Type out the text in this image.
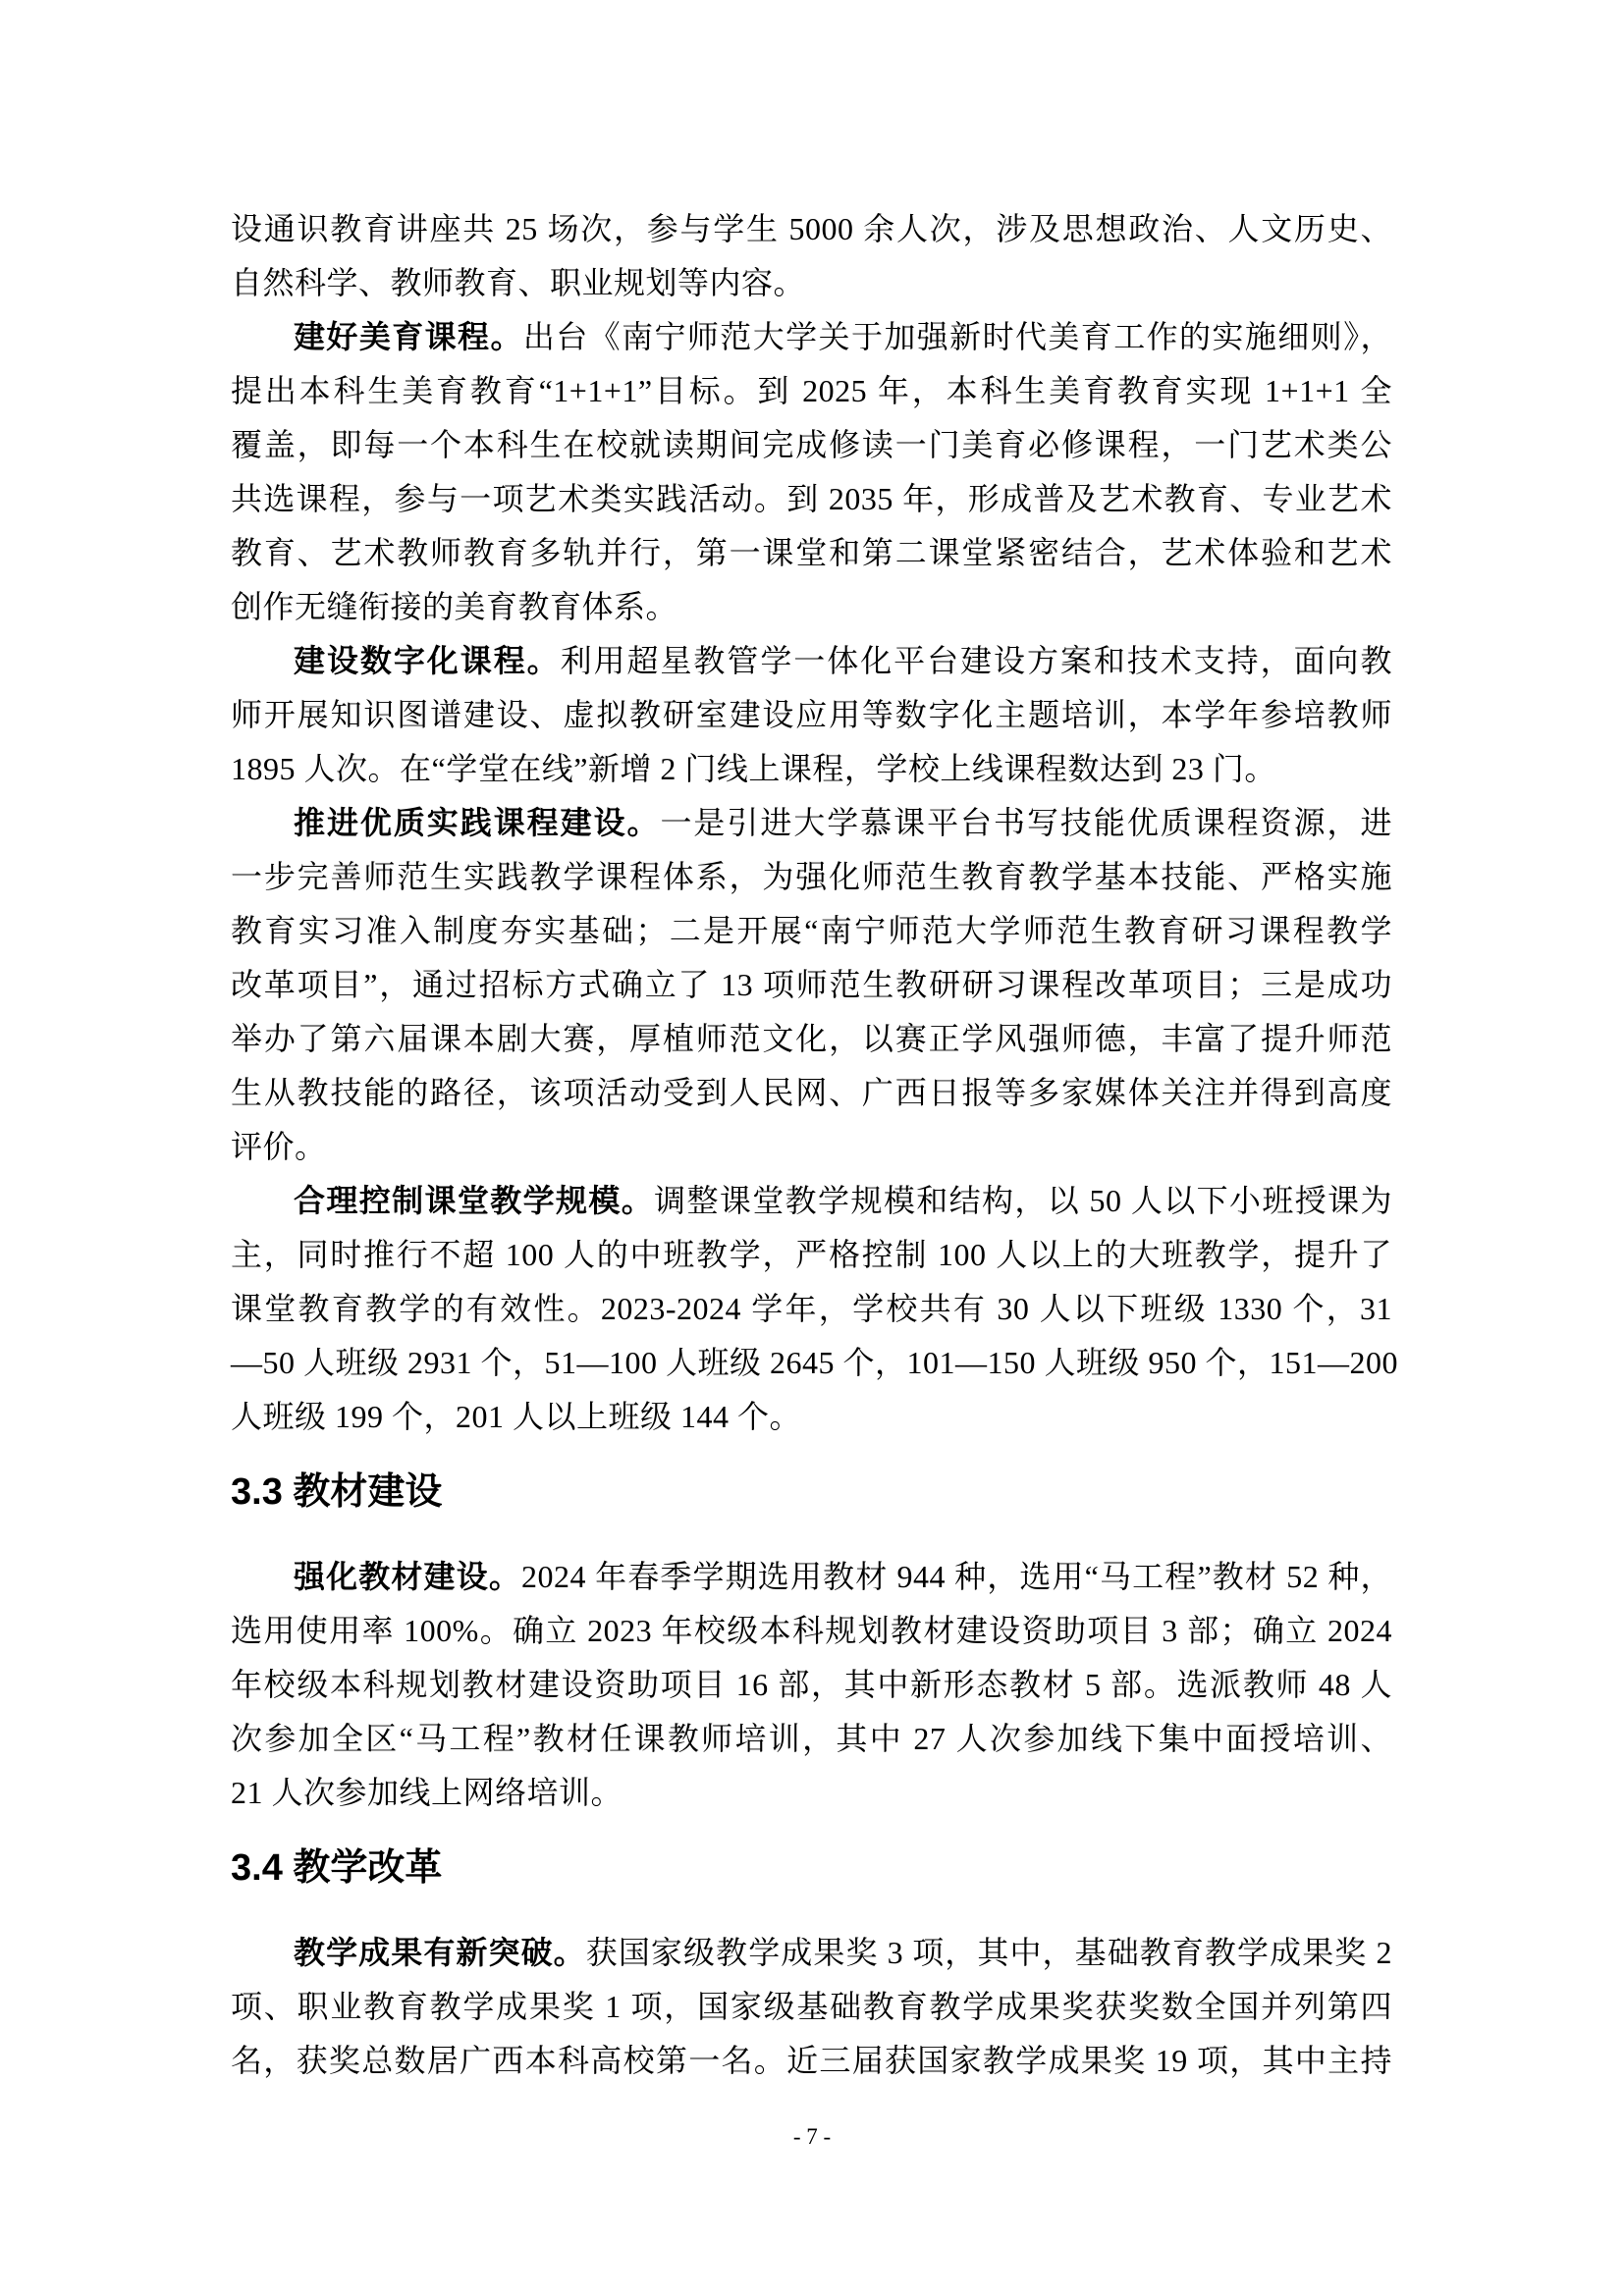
设通识教育讲座共 25 场次，参与学生 5000 余人次，涉及思想政治、人文历史、
自然科学、教师教育、职业规划等内容。
建好美育课程。出台《南宁师范大学关于加强新时代美育工作的实施细则》，
提出本科生美育教育“1+1+1”目标。到 2025 年，本科生美育教育实现 1+1+1 全
覆盖，即每一个本科生在校就读期间完成修读一门美育必修课程，一门艺术类公
共选课程，参与一项艺术类实践活动。到 2035 年，形成普及艺术教育、专业艺术
教育、艺术教师教育多轨并行，第一课堂和第二课堂紧密结合，艺术体验和艺术
创作无缝衔接的美育教育体系。
建设数字化课程。利用超星教管学一体化平台建设方案和技术支持，面向教
师开展知识图谱建设、虚拟教研室建设应用等数字化主题培训，本学年参培教师
1895 人次。在“学堂在线”新增 2 门线上课程，学校上线课程数达到 23 门。
推进优质实践课程建设。一是引进大学慕课平台书写技能优质课程资源，进
一步完善师范生实践教学课程体系，为强化师范生教育教学基本技能、严格实施
教育实习准入制度夯实基础；二是开展“南宁师范大学师范生教育研习课程教学
改革项目”，通过招标方式确立了 13 项师范生教研研习课程改革项目；三是成功
举办了第六届课本剧大赛，厚植师范文化，以赛正学风强师德，丰富了提升师范
生从教技能的路径，该项活动受到人民网、广西日报等多家媒体关注并得到高度
评价。
合理控制课堂教学规模。调整课堂教学规模和结构，以 50 人以下小班授课为
主，同时推行不超 100 人的中班教学，严格控制 100 人以上的大班教学，提升了
课堂教育教学的有效性。2023-2024 学年，学校共有 30 人以下班级 1330 个，31
—50 人班级 2931 个，51—100 人班级 2645 个，101—150 人班级 950 个，151—200
人班级 199 个，201 人以上班级 144 个。
3.3 教材建设
强化教材建设。2024 年春季学期选用教材 944 种，选用“马工程”教材 52 种，
选用使用率 100%。确立 2023 年校级本科规划教材建设资助项目 3 部；确立 2024
年校级本科规划教材建设资助项目 16 部，其中新形态教材 5 部。选派教师 48 人
次参加全区“马工程”教材任课教师培训，其中 27 人次参加线下集中面授培训、
21 人次参加线上网络培训。
3.4 教学改革
教学成果有新突破。获国家级教学成果奖 3 项，其中，基础教育教学成果奖 2
项、职业教育教学成果奖 1 项，国家级基础教育教学成果奖获奖数全国并列第四
名，获奖总数居广西本科高校第一名。近三届获国家教学成果奖 19 项，其中主持
- 7 -
